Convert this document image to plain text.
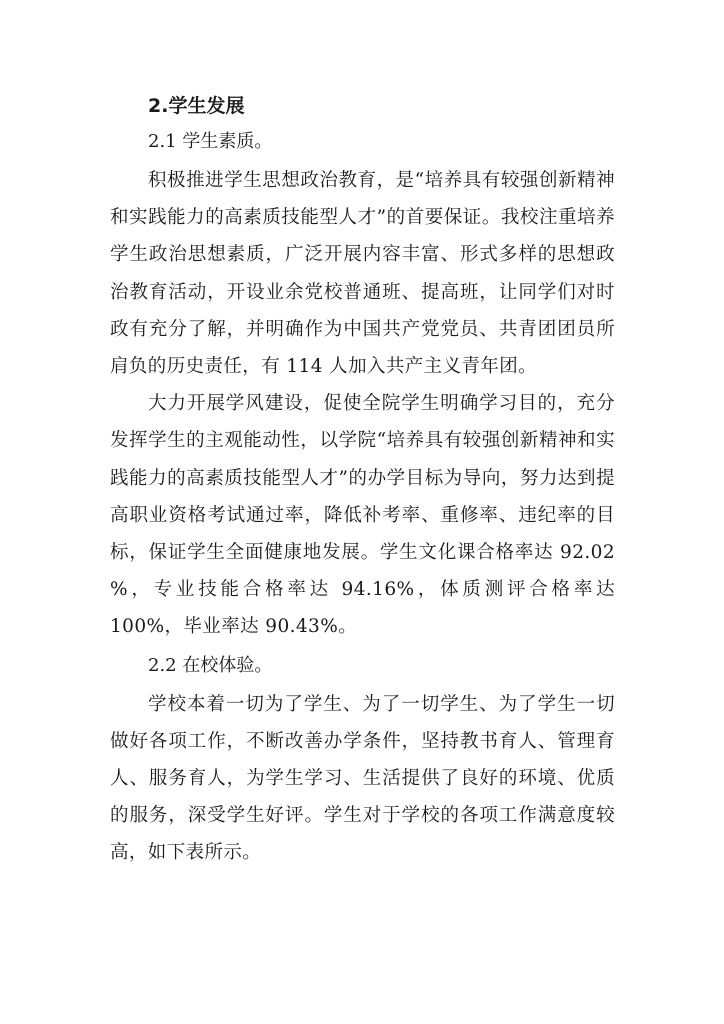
2.学生发展
2.1 学生素质。

积极推进学生思想政治教育，是“培养具有较强创新精神和实践能力的高素质技能型人才”的首要保证。我校注重培养学生政治思想素质，广泛开展内容丰富、形式多样的思想政治教育活动，开设业余党校普通班、提高班，让同学们对时政有充分了解，并明确作为中国共产党党员、共青团团员所肩负的历史责任，有 114 人加入共产主义青年团。

大力开展学风建设，促使全院学生明确学习目的，充分发挥学生的主观能动性，以学院“培养具有较强创新精神和实践能力的高素质技能型人才”的办学目标为导向，努力达到提高职业资格考试通过率，降低补考率、重修率、违纪率的目标，保证学生全面健康地发展。学生文化课合格率达 92.02 %，专业技能合格率达 94.16%，体质测评合格率达 100%，毕业率达 90.43%。

2.2 在校体验。

学校本着一切为了学生、为了一切学生、为了学生一切做好各项工作，不断改善办学条件，坚持教书育人、管理育人、服务育人，为学生学习、生活提供了良好的环境、优质的服务，深受学生好评。学生对于学校的各项工作满意度较高，如下表所示。
